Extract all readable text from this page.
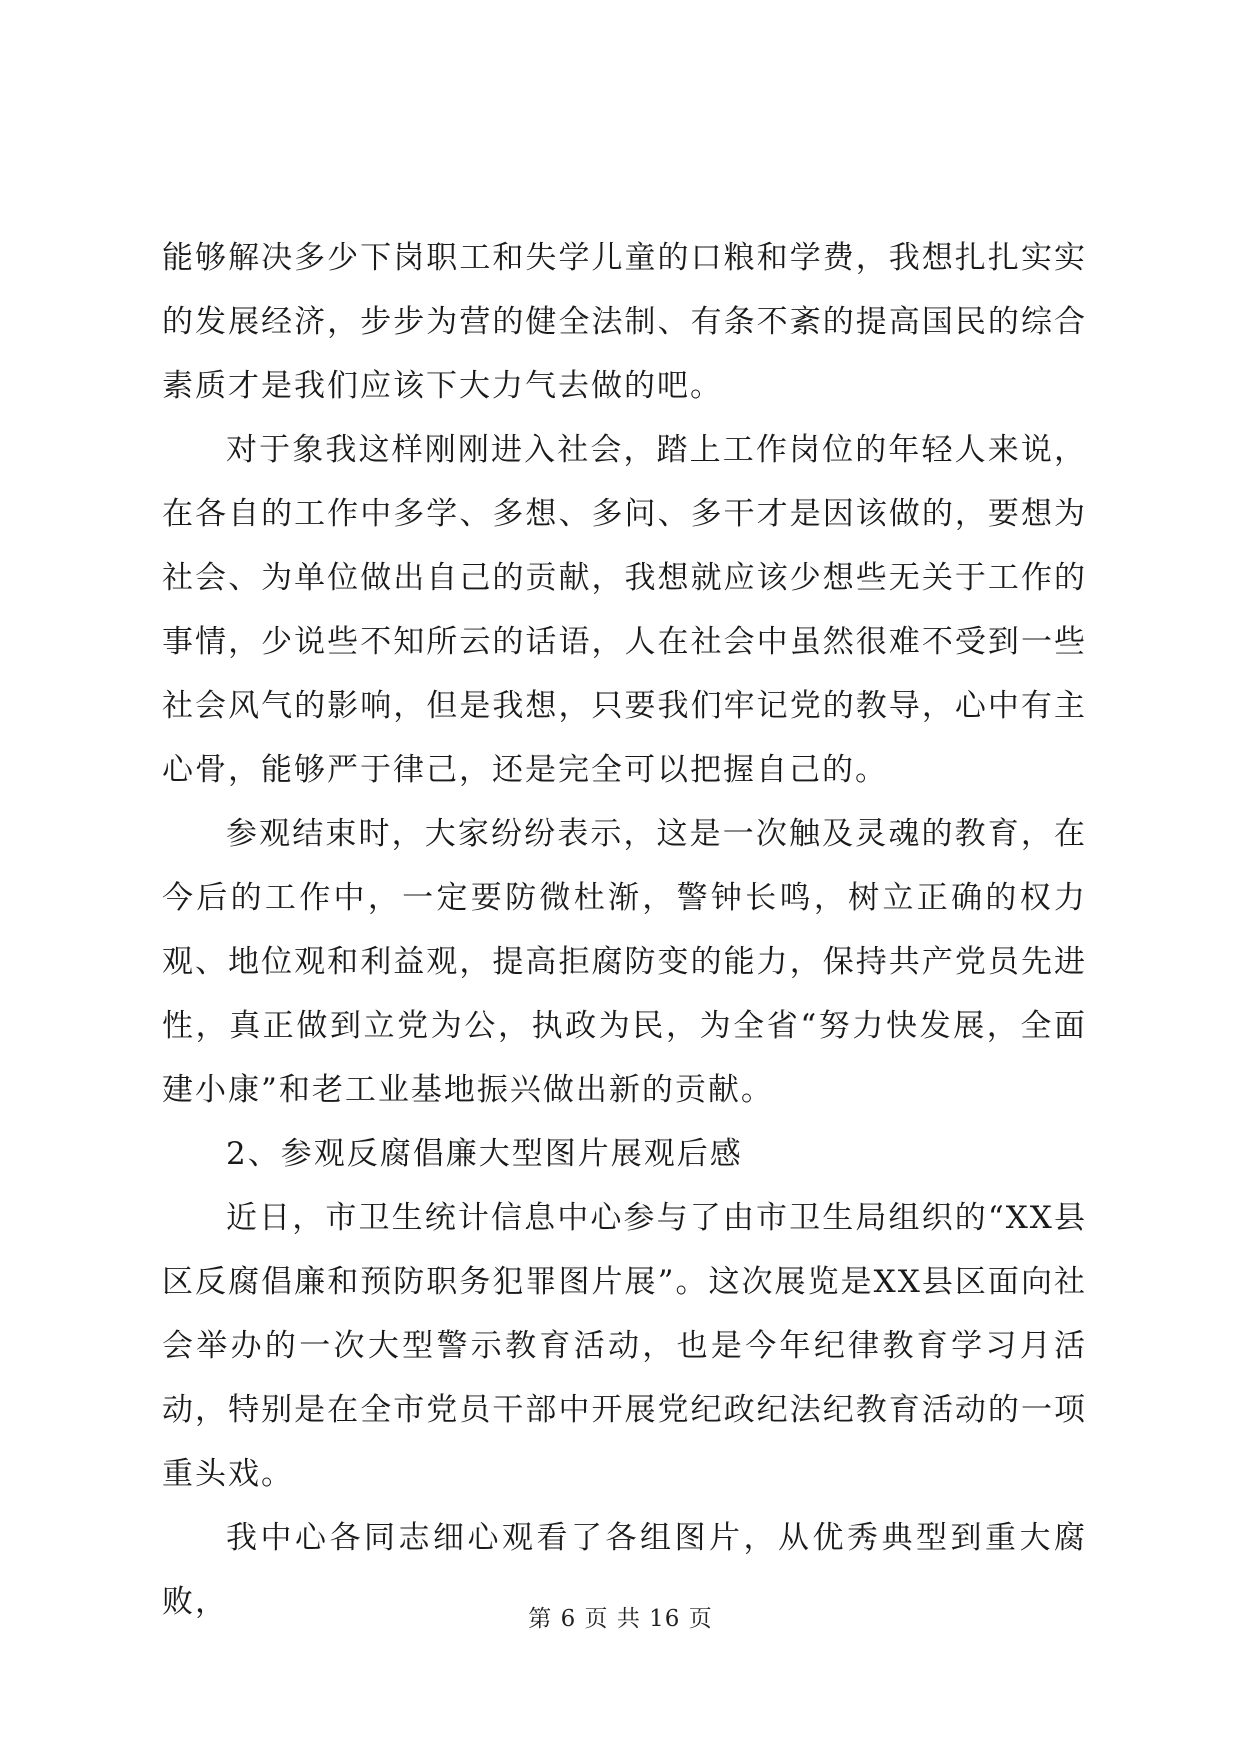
能够解决多少下岗职工和失学儿童的口粮和学费，我想扎扎实实的发展经济，步步为营的健全法制、有条不紊的提高国民的综合素质才是我们应该下大力气去做的吧。

对于象我这样刚刚进入社会，踏上工作岗位的年轻人来说，在各自的工作中多学、多想、多问、多干才是因该做的，要想为社会、为单位做出自己的贡献，我想就应该少想些无关于工作的事情，少说些不知所云的话语，人在社会中虽然很难不受到一些社会风气的影响，但是我想，只要我们牢记党的教导，心中有主心骨，能够严于律己，还是完全可以把握自己的。

参观结束时，大家纷纷表示，这是一次触及灵魂的教育，在今后的工作中，一定要防微杜渐，警钟长鸣，树立正确的权力观、地位观和利益观，提高拒腐防变的能力，保持共产党员先进性，真正做到立党为公，执政为民，为全省“努力快发展，全面建小康”和老工业基地振兴做出新的贡献。

2、参观反腐倡廉大型图片展观后感

近日，市卫生统计信息中心参与了由市卫生局组织的“XX县区反腐倡廉和预防职务犯罪图片展”。这次展览是XX县区面向社会举办的一次大型警示教育活动，也是今年纪律教育学习月活动，特别是在全市党员干部中开展党纪政纪法纪教育活动的一项重头戏。

我中心各同志细心观看了各组图片，从优秀典型到重大腐败，	第 6 页 共 16 页
